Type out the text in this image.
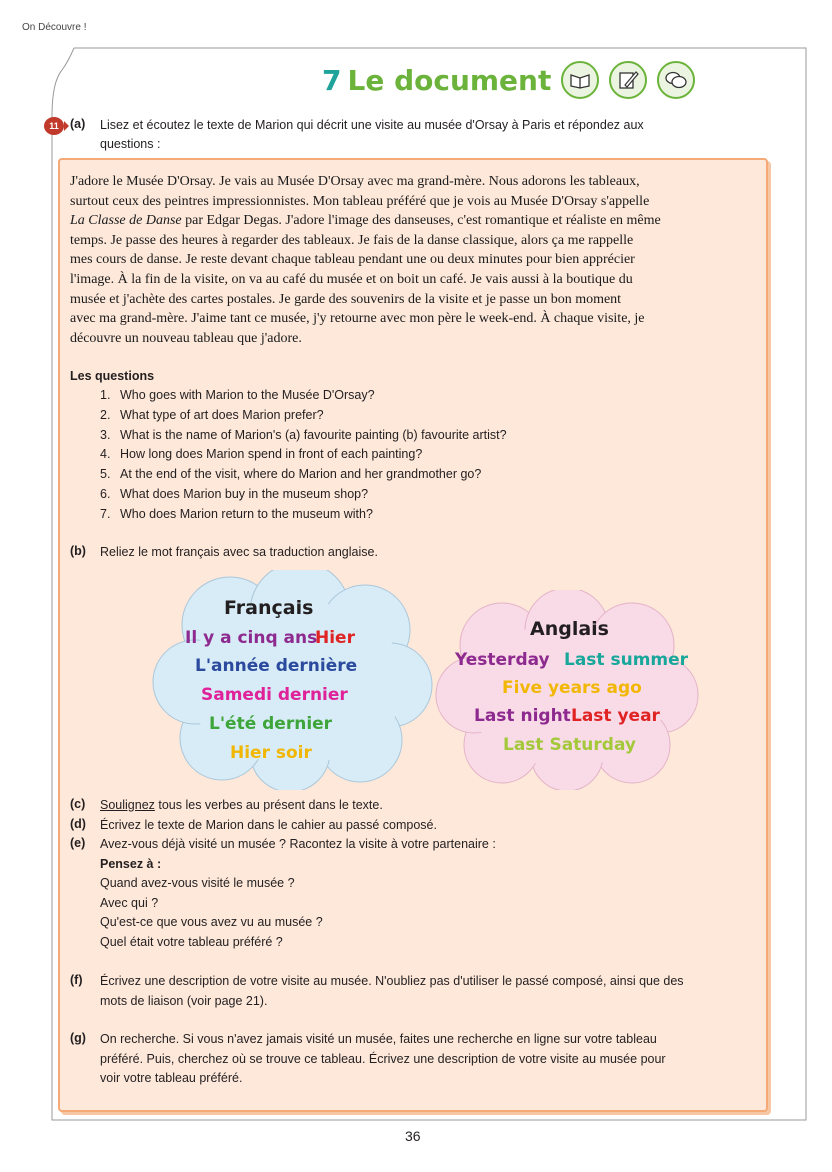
On Découvre !
7 Le document
11 (a) Lisez et écoutez le texte de Marion qui décrit une visite au musée d'Orsay à Paris et répondez aux
questions :
J'adore le Musée D'Orsay. Je vais au Musée D'Orsay avec ma grand-mère. Nous adorons les tableaux,
surtout ceux des peintres impressionnistes. Mon tableau préféré que je vois au Musée D'Orsay s'appelle
La Classe de Danse par Edgar Degas. J'adore l'image des danseuses, c'est romantique et réaliste en même
temps. Je passe des heures à regarder des tableaux. Je fais de la danse classique, alors ça me rappelle
mes cours de danse. Je reste devant chaque tableau pendant une ou deux minutes pour bien apprécier
l'image. À la fin de la visite, on va au café du musée et on boit un café. Je vais aussi à la boutique du
musée et j'achète des cartes postales. Je garde des souvenirs de la visite et je passe un bon moment
avec ma grand-mère. J'aime tant ce musée, j'y retourne avec mon père le week-end. À chaque visite, je
découvre un nouveau tableau que j'adore.
Les questions
1. Who goes with Marion to the Musée D'Orsay?
2. What type of art does Marion prefer?
3. What is the name of Marion's (a) favourite painting (b) favourite artist?
4. How long does Marion spend in front of each painting?
5. At the end of the visit, where do Marion and her grandmother go?
6. What does Marion buy in the museum shop?
7. Who does Marion return to the museum with?
(b) Reliez le mot français avec sa traduction anglaise.
Français
Il y a cinq ans
Hier
L'année dernière
Samedi dernier
L'été dernier
Hier soir
Anglais
Yesterday Last summer
Five years ago
Last night Last year
Last Saturday
(c) Soulignez tous les verbes au présent dans le texte.
(d) Écrivez le texte de Marion dans le cahier au passé composé.
(e) Avez-vous déjà visité un musée ? Racontez la visite à votre partenaire :
Pensez à :
Quand avez-vous visité le musée ?
Avec qui ?
Qu'est-ce que vous avez vu au musée ?
Quel était votre tableau préféré ?
(f) Écrivez une description de votre visite au musée. N'oubliez pas d'utiliser le passé composé, ainsi que des
mots de liaison (voir page 21).
(g) On recherche. Si vous n'avez jamais visité un musée, faites une recherche en ligne sur votre tableau
préféré. Puis, cherchez où se trouve ce tableau. Écrivez une description de votre visite au musée pour
voir votre tableau préféré.
36
